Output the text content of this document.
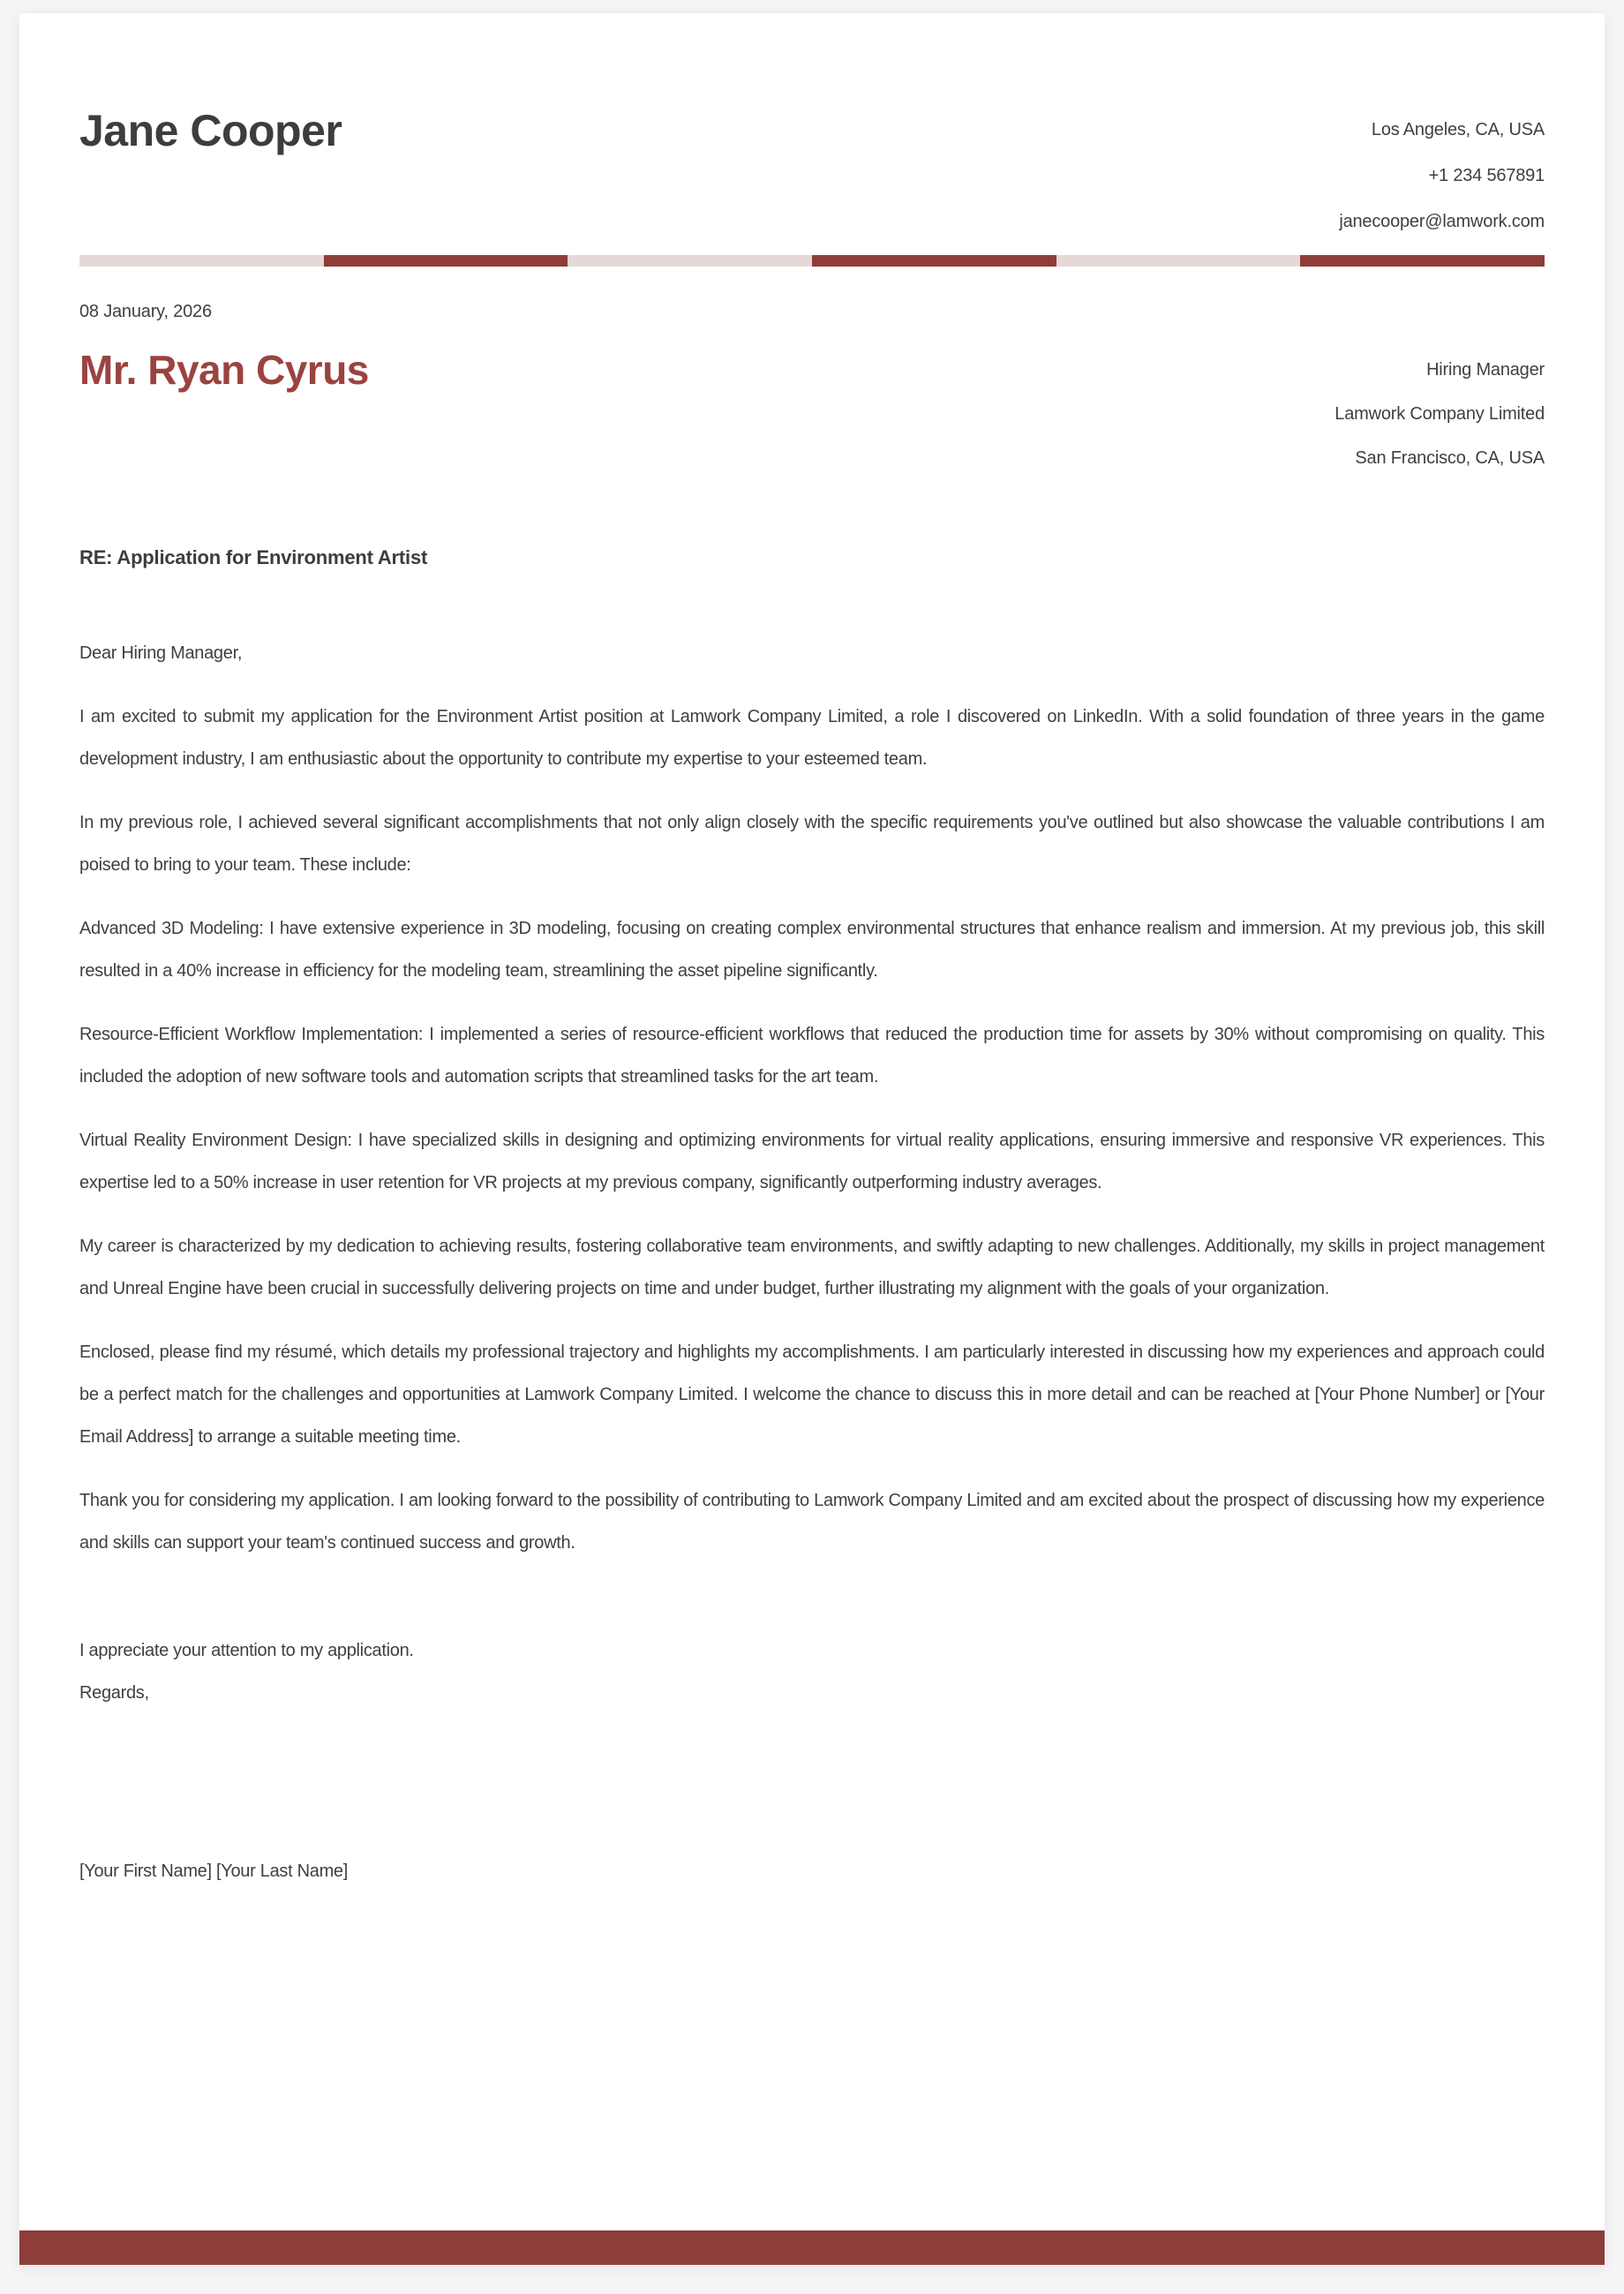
Jane Cooper	Los Angeles, CA, USA
+1 234 567891
janecooper@lamwork.com
08 January, 2026
Mr. Ryan Cyrus	Hiring Manager
Lamwork Company Limited
San Francisco, CA, USA
RE: Application for Environment Artist
Dear Hiring Manager,

I am excited to submit my application for the Environment Artist position at Lamwork Company Limited, a role I discovered on LinkedIn. With a solid foundation of three years in the game development industry, I am enthusiastic about the opportunity to contribute my expertise to your esteemed team.

In my previous role, I achieved several significant accomplishments that not only align closely with the specific requirements you've outlined but also showcase the valuable contributions I am poised to bring to your team. These include:

Advanced 3D Modeling: I have extensive experience in 3D modeling, focusing on creating complex environmental structures that enhance realism and immersion. At my previous job, this skill resulted in a 40% increase in efficiency for the modeling team, streamlining the asset pipeline significantly.

Resource-Efficient Workflow Implementation: I implemented a series of resource-efficient workflows that reduced the production time for assets by 30% without compromising on quality. This included the adoption of new software tools and automation scripts that streamlined tasks for the art team.

Virtual Reality Environment Design: I have specialized skills in designing and optimizing environments for virtual reality applications, ensuring immersive and responsive VR experiences. This expertise led to a 50% increase in user retention for VR projects at my previous company, significantly outperforming industry averages.

My career is characterized by my dedication to achieving results, fostering collaborative team environments, and swiftly adapting to new challenges. Additionally, my skills in project management and Unreal Engine have been crucial in successfully delivering projects on time and under budget, further illustrating my alignment with the goals of your organization.

Enclosed, please find my résumé, which details my professional trajectory and highlights my accomplishments. I am particularly interested in discussing how my experiences and approach could be a perfect match for the challenges and opportunities at Lamwork Company Limited. I welcome the chance to discuss this in more detail and can be reached at [Your Phone Number] or [Your Email Address] to arrange a suitable meeting time.

Thank you for considering my application. I am looking forward to the possibility of contributing to Lamwork Company Limited and am excited about the prospect of discussing how my experience and skills can support your team's continued success and growth.

I appreciate your attention to my application.
Regards,
[Your First Name] [Your Last Name]
